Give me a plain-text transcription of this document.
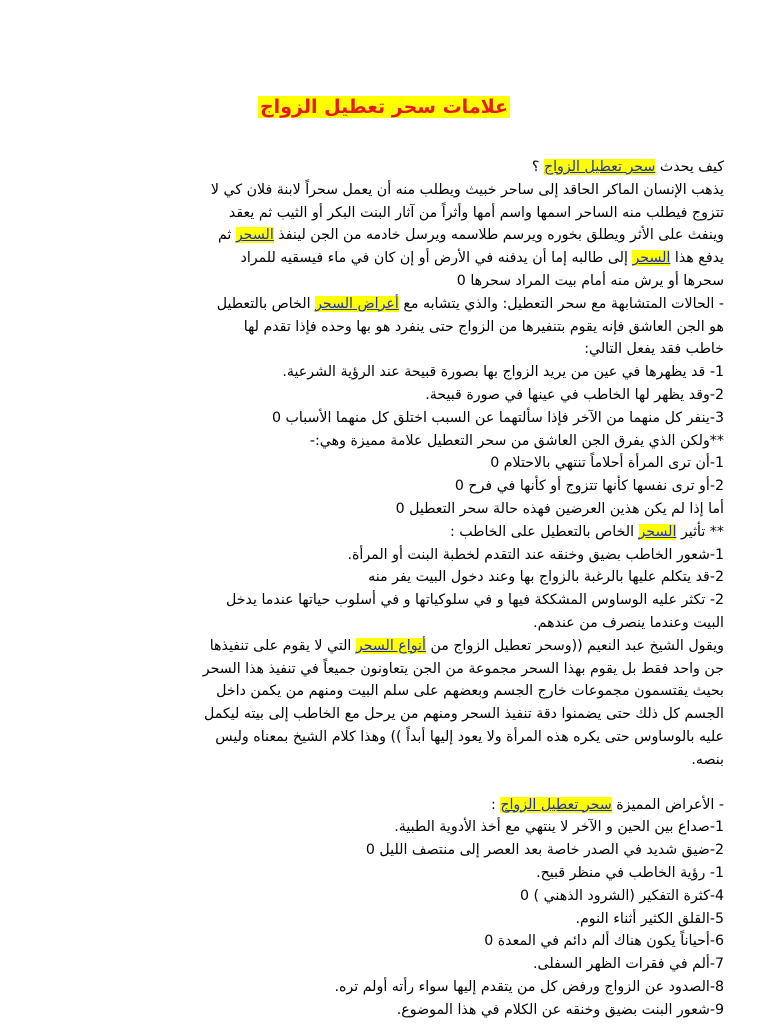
علامات سحر تعطيل الزواج
كيف يحدث سحر تعطيل الزواج ؟
يذهب الإنسان الماكر الحاقد إلى ساحر خبيث ويطلب منه أن يعمل سحراً لابنة فلان كي لا
تتزوج فيطلب منه الساحر اسمها واسم أمها وأثراً من آثار البنت البكر أو الثيب ثم يعقد
وينفث على الأثر ويطلق بخوره ويرسم طلاسمه ويرسل خادمه من الجن لينفذ السحر ثم
يدفع هذا السحر إلى طالبه إما أن يدفنه في الأرض أو إن كان في ماء فيسقيه للمراد
سحرها أو يرش منه أمام بيت المراد سحرها 0
- الحالات المتشابهة مع سحر التعطيل: والذي يتشابه مع أعراض السحر الخاص بالتعطيل
هو الجن العاشق فإنه يقوم بتنفيرها من الزواج حتى ينفرد هو بها وحده فإذا تقدم لها
خاطب فقد يفعل التالي:
1- قد يظهرها في عين من يريد الزواج بها بصورة قبيحة عند الرؤية الشرعية.
2-وقد يظهر لها الخاطب في عينها في صورة قبيحة.
3-ينفر كل منهما من الآخر فإذا سألتهما عن السبب اختلق كل منهما الأسباب 0
**ولكن الذي يفرق الجن العاشق من سحر التعطيل علامة مميزة وهي:-
1-أن ترى المرأة أحلاماً تنتهي بالاحتلام 0
2-أو ترى نفسها كأنها تتزوج أو كأنها في فرح 0
أما إذا لم يكن هذين العرضين فهذه حالة سحر التعطيل 0
** تأثير السحر الخاص بالتعطيل على الخاطب :
1-شعور الخاطب بضيق وخنقه عند التقدم لخطبة البنت أو المرأة.
2-قد يتكلم عليها بالرغبة بالزواج بها وعند دخول البيت يفر منه
2- تكثر عليه الوساوس المشككة فيها و في سلوكياتها و في أسلوب حياتها عندما يدخل
البيت وعندما ينصرف من عندهم.
ويقول الشيخ عبد النعيم ((وسحر تعطيل الزواج من أنواع السحر التي لا يقوم على تنفيذها
جن واحد فقط بل يقوم بهذا السحر مجموعة من الجن يتعاونون جميعاً في تنفيذ هذا السحر
بحيث يقتسمون مجموعات خارج الجسم وبعضهم على سلم البيت ومنهم من يكمن داخل
الجسم كل ذلك حتى يضمنوا دقة تنفيذ السحر ومنهم من يرحل مع الخاطب إلى بيته ليكمل
عليه بالوساوس حتى يكره هذه المرأة ولا يعود إليها أبداً )) وهذا كلام الشيخ بمعناه وليس
بنصه.
- الأعراض المميزة سحر تعطيل الزواج :
1-صداع بين الحين و الآخر لا ينتهي مع أخذ الأدوية الطبية.
2-ضيق شديد في الصدر خاصة بعد العصر إلى منتصف الليل 0
1- رؤية الخاطب في منظر قبيح.
4-كثرة التفكير (الشرود الذهني ) 0
5-القلق الكثير أثناء النوم.
6-أحياناً يكون هناك ألم دائم في المعدة 0
7-ألم في فقرات الظهر السفلى.
8-الصدود عن الزواج ورفض كل من يتقدم إليها سواء رأته أولم تره.
9-شعور البنت بضيق وخنقه عن الكلام في هذا الموضوع.
